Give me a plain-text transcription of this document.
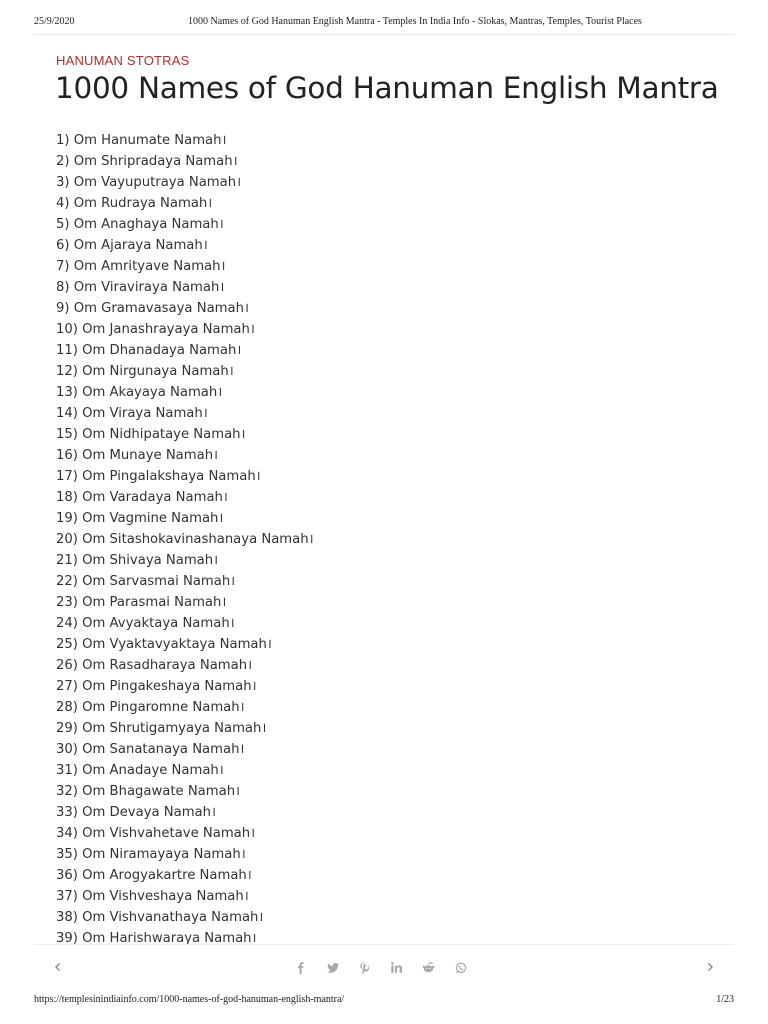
25/9/2020	1000 Names of God Hanuman English Mantra - Temples In India Info - Slokas, Mantras, Temples, Tourist Places
HANUMAN STOTRAS
1000 Names of God Hanuman English Mantra
1) Om Hanumate Namah।
2) Om Shripradaya Namah।
3) Om Vayuputraya Namah।
4) Om Rudraya Namah।
5) Om Anaghaya Namah।
6) Om Ajaraya Namah।
7) Om Amrityave Namah।
8) Om Viraviraya Namah।
9) Om Gramavasaya Namah।
10) Om Janashrayaya Namah।
11) Om Dhanadaya Namah।
12) Om Nirgunaya Namah।
13) Om Akayaya Namah।
14) Om Viraya Namah।
15) Om Nidhipataye Namah।
16) Om Munaye Namah।
17) Om Pingalakshaya Namah।
18) Om Varadaya Namah।
19) Om Vagmine Namah।
20) Om Sitashokavinashanaya Namah।
21) Om Shivaya Namah।
22) Om Sarvasmai Namah।
23) Om Parasmai Namah।
24) Om Avyaktaya Namah।
25) Om Vyaktavyaktaya Namah।
26) Om Rasadharaya Namah।
27) Om Pingakeshaya Namah।
28) Om Pingaromne Namah।
29) Om Shrutigamyaya Namah।
30) Om Sanatanaya Namah।
31) Om Anadaye Namah।
32) Om Bhagawate Namah।
33) Om Devaya Namah।
34) Om Vishvahetave Namah।
35) Om Niramayaya Namah।
36) Om Arogyakartre Namah।
37) Om Vishveshaya Namah।
38) Om Vishvanathaya Namah।
39) Om Harishwaraya Namah।
https://templesinindiainfo.com/1000-names-of-god-hanuman-english-mantra/	1/23
